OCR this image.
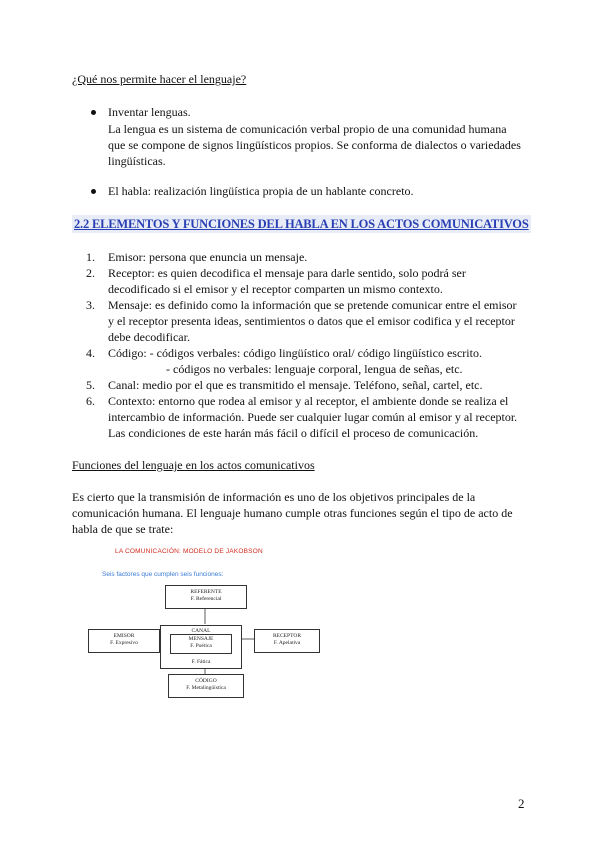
¿Qué nos permite hacer el lenguaje?
Inventar lenguas.
La lengua es un sistema de comunicación verbal propio de una comunidad humana
que se compone de signos lingüísticos propios. Se conforma de dialectos o variedades
lingüísticas.
El habla: realización lingüística propia de un hablante concreto.
2.2 ELEMENTOS Y FUNCIONES DEL HABLA EN LOS ACTOS COMUNICATIVOS
1. Emisor: persona que enuncia un mensaje.
2. Receptor: es quien decodifica el mensaje para darle sentido, solo podrá ser
decodificado si el emisor y el receptor comparten un mismo contexto.
3. Mensaje: es definido como la información que se pretende comunicar entre el emisor
y el receptor presenta ideas, sentimientos o datos que el emisor codifica y el receptor
debe decodificar.
4. Código: - códigos verbales: código lingüístico oral/ código lingüístico escrito.
- códigos no verbales: lenguaje corporal, lengua de señas, etc.
5. Canal: medio por el que es transmitido el mensaje. Teléfono, señal, cartel, etc.
6. Contexto: entorno que rodea al emisor y al receptor, el ambiente donde se realiza el
intercambio de información. Puede ser cualquier lugar común al emisor y al receptor.
Las condiciones de este harán más fácil o difícil el proceso de comunicación.
Funciones del lenguaje en los actos comunicativos
Es cierto que la transmisión de información es uno de los objetivos principales de la
comunicación humana. El lenguaje humano cumple otras funciones según el tipo de acto de
habla de que se trate:
LA COMUNICACIÓN: MODELO DE JAKOBSON
Seis factores que cumplen seis funciones:
REFERENTE
F. Referencial
CANAL
F. Fática
MENSAJE
F. Poética
EMISOR
F. Expresivo
RECEPTOR
F. Apelativa
CÓDIGO
F. Metalingüística
2
